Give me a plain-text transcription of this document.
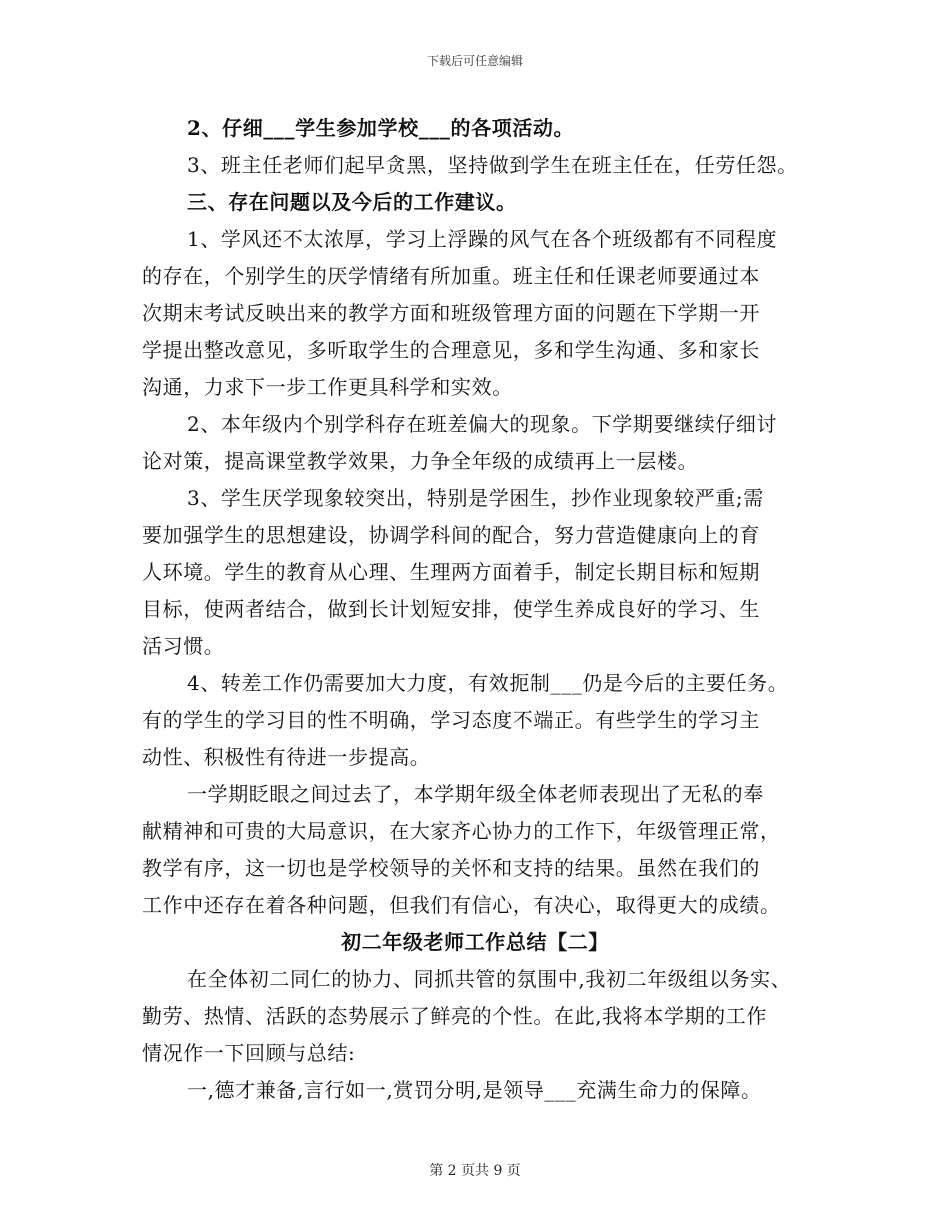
下载后可任意编辑
2、仔细___学生参加学校___的各项活动。
3、班主任老师们起早贪黑，坚持做到学生在班主任在，任劳任怨。
三、存在问题以及今后的工作建议。
1、学风还不太浓厚，学习上浮躁的风气在各个班级都有不同程度
的存在，个别学生的厌学情绪有所加重。班主任和任课老师要通过本
次期末考试反映出来的教学方面和班级管理方面的问题在下学期一开
学提出整改意见，多听取学生的合理意见，多和学生沟通、多和家长
沟通，力求下一步工作更具科学和实效。
2、本年级内个别学科存在班差偏大的现象。下学期要继续仔细讨
论对策，提高课堂教学效果，力争全年级的成绩再上一层楼。
3、学生厌学现象较突出，特别是学困生，抄作业现象较严重;需
要加强学生的思想建设，协调学科间的配合，努力营造健康向上的育
人环境。学生的教育从心理、生理两方面着手，制定长期目标和短期
目标，使两者结合，做到长计划短安排，使学生养成良好的学习、生
活习惯。
4、转差工作仍需要加大力度，有效扼制___仍是今后的主要任务。
有的学生的学习目的性不明确，学习态度不端正。有些学生的学习主
动性、积极性有待进一步提高。
一学期眨眼之间过去了，本学期年级全体老师表现出了无私的奉
献精神和可贵的大局意识，在大家齐心协力的工作下，年级管理正常，
教学有序，这一切也是学校领导的关怀和支持的结果。虽然在我们的
工作中还存在着各种问题，但我们有信心，有决心，取得更大的成绩。
初二年级老师工作总结【二】
在全体初二同仁的协力、同抓共管的氛围中,我初二年级组以务实、
勤劳、热情、活跃的态势展示了鲜亮的个性。在此,我将本学期的工作
情况作一下回顾与总结:
一,德才兼备,言行如一,赏罚分明,是领导___充满生命力的保障。
第 2 页共 9 页
